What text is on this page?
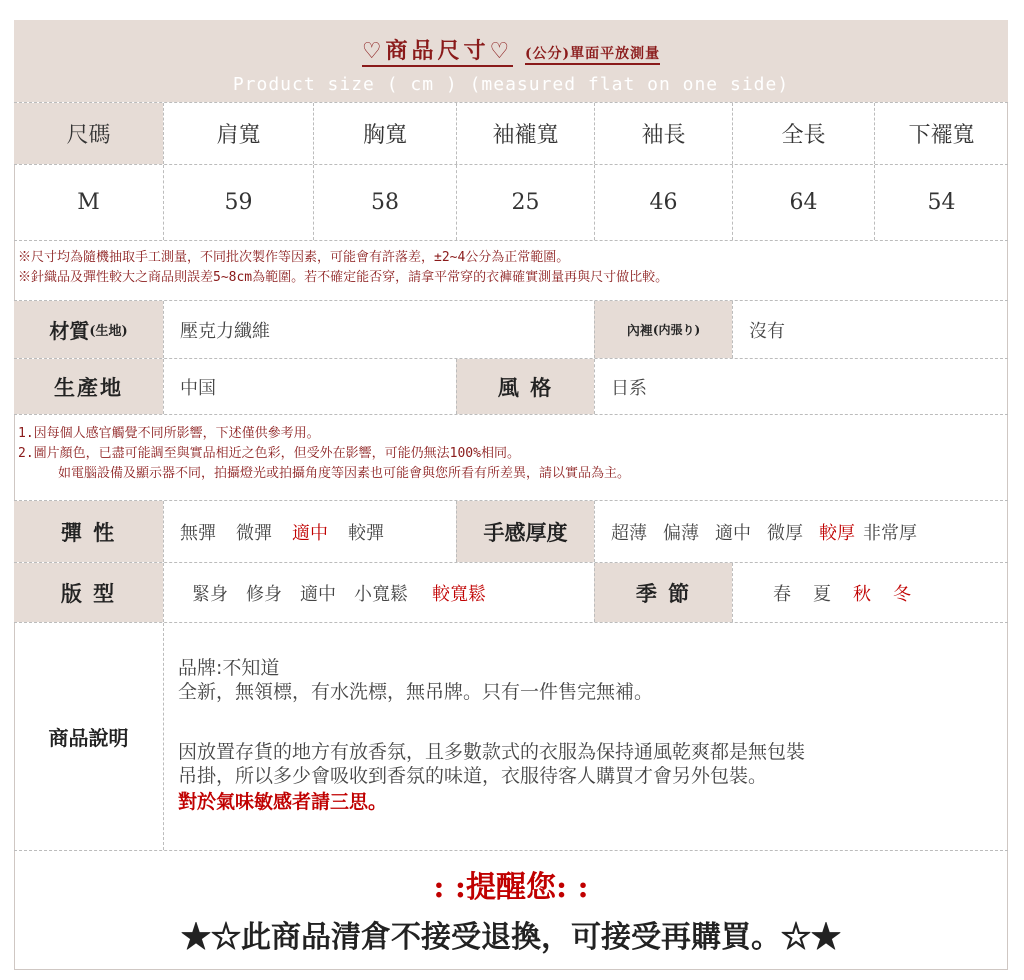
♡商品尺寸♡ (公分)單面平放測量
Product size ( cm ) (measured flat on one side)
尺碼	肩寬	胸寬	袖襱寬	袖長	全長	下襬寬
M	59	58	25	46	64	54
※尺寸均為隨機抽取手工測量，不同批次製作等因素，可能會有許落差，±2~4公分為正常範圍。
※針織品及彈性較大之商品則誤差5~8cm為範圍。若不確定能否穿，請拿平常穿的衣褲確實測量再與尺寸做比較。
材質 (生地)	壓克力纖維	內裡 (内張り)	沒有
生產地	中国	風 格	日系
1.因每個人感官觸覺不同所影響，下述僅供參考用。
2.圖片顏色，已盡可能調至與實品相近之色彩，但受外在影響，可能仍無法100%相同。
如電腦設備及顯示器不同，拍攝燈光或拍攝角度等因素也可能會與您所看有所差異，請以實品為主。
彈 性	無彈 微彈 適中 較彈	手感厚度	超薄 偏薄 適中 微厚 較厚 非常厚
版 型	緊身 修身 適中 小寬鬆 較寬鬆	季 節	春 夏 秋 冬
商品說明
品牌:不知道
全新，無領標，有水洗標，無吊牌。只有一件售完無補。
因放置存貨的地方有放香氛，且多數款式的衣服為保持通風乾爽都是無包裝
吊掛，所以多少會吸收到香氛的味道，衣服待客人購買才會另外包裝。
對於氣味敏感者請三思。
: :提醒您: :
★☆此商品清倉不接受退換，可接受再購買。☆★
